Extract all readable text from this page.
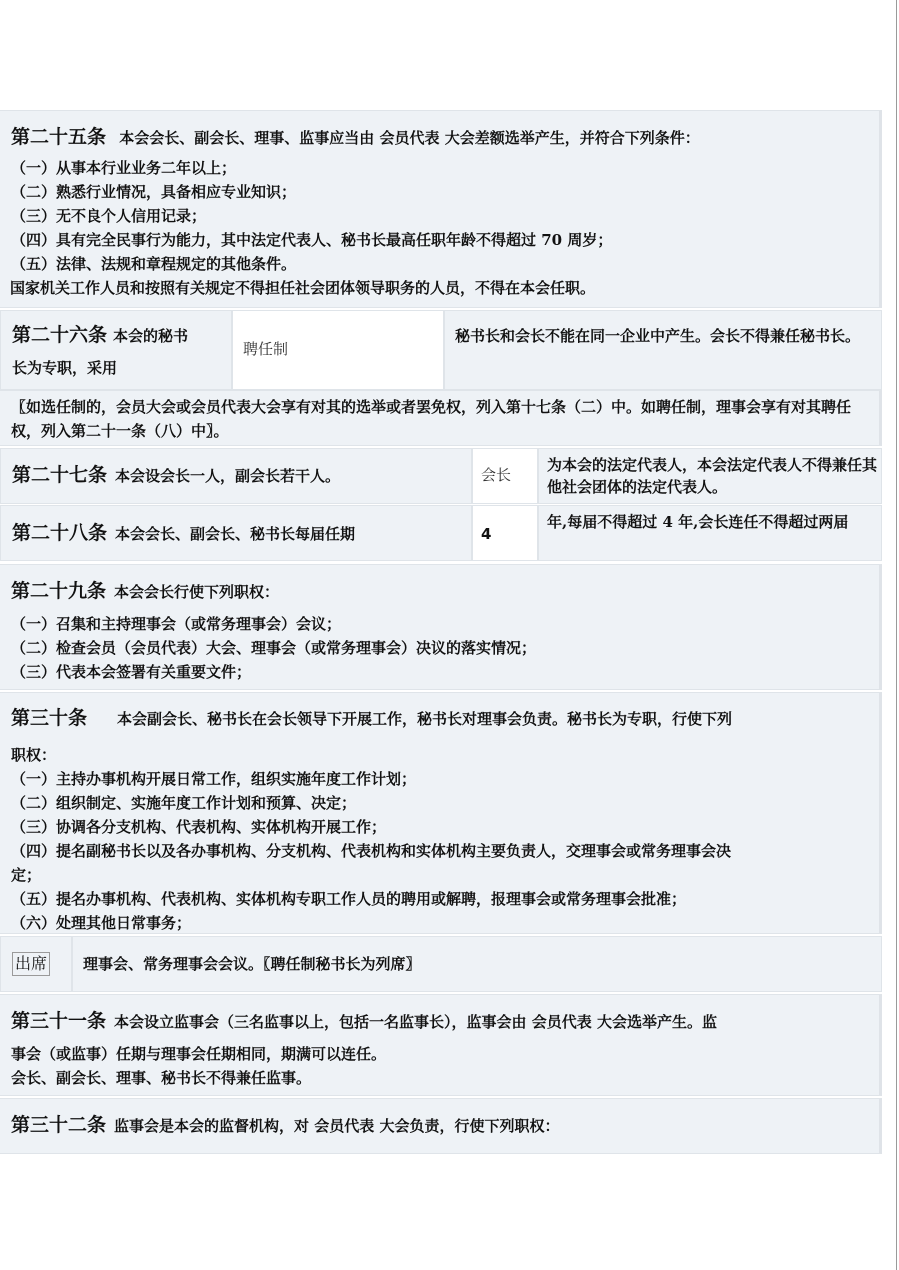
第二十五条 本会会长、副会长、理事、监事应当由 会员代表 大会差额选举产生，并符合下列条件：
（一）从事本行业业务二年以上；
（二）熟悉行业情况，具备相应专业知识；
（三）无不良个人信用记录；
（四）具有完全民事行为能力，其中法定代表人、秘书长最高任职年龄不得超过 70 周岁；
（五）法律、法规和章程规定的其他条件。
国家机关工作人员和按照有关规定不得担任社会团体领导职务的人员，不得在本会任职。
第二十六条 本会的秘书
长为专职，采用
聘任制
秘书长和会长不能在同一企业中产生。会长不得兼任秘书长。
〖如选任制的，会员大会或会员代表大会享有对其的选举或者罢免权，列入第十七条（二）中。如聘任制，理事会享有对其聘任权，列入第二十一条（八）中〗。
第二十七条 本会设会长一人，副会长若干人。	会长
为本会的法定代表人，本会法定代表人不得兼任其他社会团体的法定代表人。
第二十八条 本会会长、副会长、秘书长每届任期	4
年,每届不得超过 4 年,会长连任不得超过两届
第二十九条 本会会长行使下列职权：
（一）召集和主持理事会（或常务理事会）会议；
（二）检查会员（会员代表）大会、理事会（或常务理事会）决议的落实情况；
（三）代表本会签署有关重要文件；
第三十条 本会副会长、秘书长在会长领导下开展工作，秘书长对理事会负责。秘书长为专职，行使下列
职权：
（一）主持办事机构开展日常工作，组织实施年度工作计划；
（二）组织制定、实施年度工作计划和预算、决定；
（三）协调各分支机构、代表机构、实体机构开展工作；
（四）提名副秘书长以及各办事机构、分支机构、代表机构和实体机构主要负责人，交理事会或常务理事会决
定；
（五）提名办事机构、代表机构、实体机构专职工作人员的聘用或解聘，报理事会或常务理事会批准；
（六）处理其他日常事务；
出席	理事会、常务理事会会议。〖聘任制秘书长为列席〗
第三十一条 本会设立监事会（三名监事以上，包括一名监事长），监事会由 会员代表 大会选举产生。监
事会（或监事）任期与理事会任期相同，期满可以连任。
会长、副会长、理事、秘书长不得兼任监事。
第三十二条 监事会是本会的监督机构，对 会员代表 大会负责，行使下列职权：
